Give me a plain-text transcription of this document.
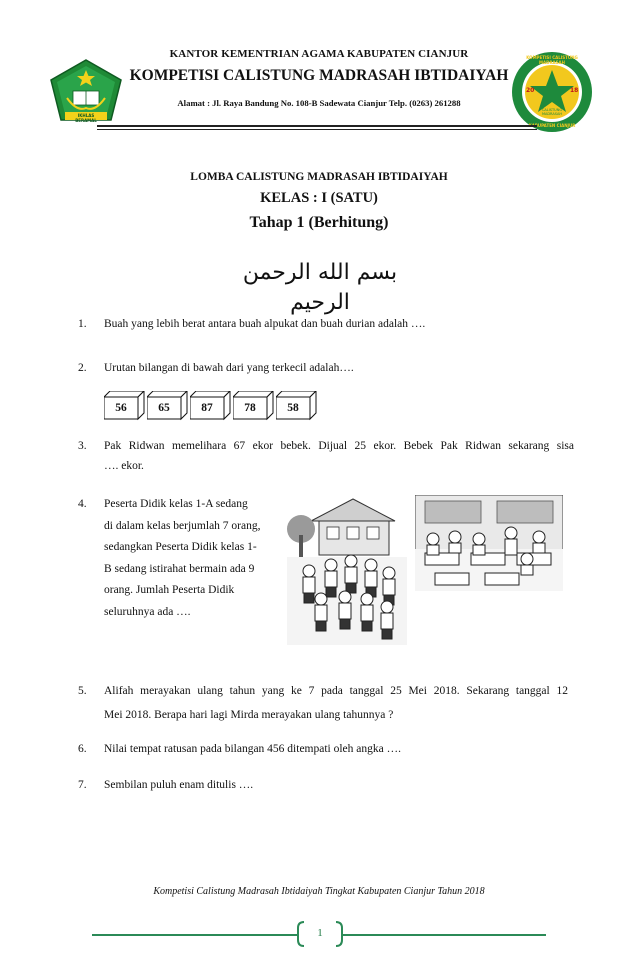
IKHLAS BERAMAL
KANTOR KEMENTRIAN AGAMA KABUPATEN CIANJUR
KOMPETISI CALISTUNG MADRASAH IBTIDAIYAH
Alamat : Jl. Raya Bandung No. 108-B Sadewata Cianjur Telp. (0263) 261288
KOMPETISI CALISTUNG MADRASAH
20	18
CALISTUNG MADRASAH
KABUPATEN CIANJUR
LOMBA CALISTUNG MADRASAH IBTIDAIYAH
KELAS : I (SATU)
Tahap 1 (Berhitung)
بسم الله الرحمن الرحيم
1. Buah yang lebih berat antara buah alpukat dan buah durian adalah ….
2. Urutan bilangan di bawah dari yang terkecil adalah….
56	65	87	78	58
3. Pak Ridwan memelihara 67 ekor bebek. Dijual 25 ekor. Bebek Pak Ridwan sekarang sisa
…. ekor.
4. Peserta Didik kelas 1-A sedang
di dalam kelas berjumlah 7 orang,
sedangkan Peserta Didik kelas 1-
B sedang istirahat bermain ada 9
orang. Jumlah Peserta Didik
seluruhnya ada ….
5. Alifah merayakan ulang tahun yang ke 7 pada tanggal 25 Mei 2018. Sekarang tanggal 12
Mei 2018. Berapa hari lagi Mirda merayakan ulang tahunnya ?
6. Nilai tempat ratusan pada bilangan 456 ditempati oleh angka ….
7. Sembilan puluh enam ditulis ….
Kompetisi Calistung Madrasah Ibtidaiyah Tingkat Kabupaten Cianjur Tahun 2018
1
